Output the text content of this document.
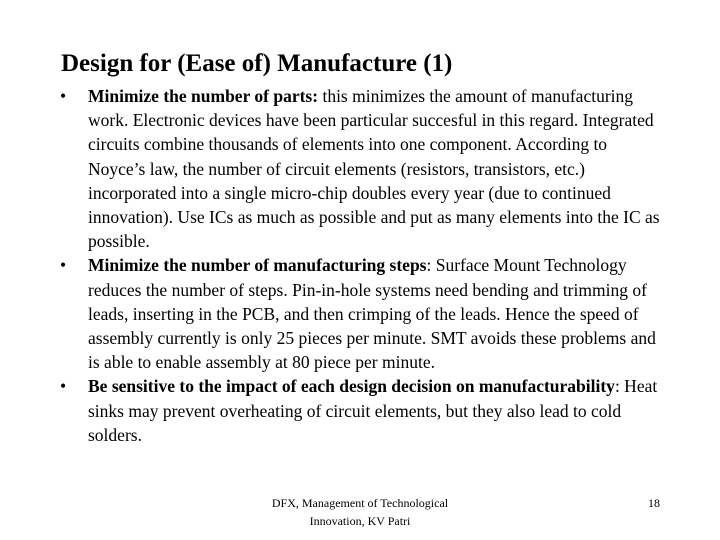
Design for (Ease of) Manufacture (1)
• Minimize the number of parts: this minimizes the amount of manufacturing work. Electronic devices have been particular succesful in this regard. Integrated circuits combine thousands of elements into one component. According to Noyce’s law, the number of circuit elements (resistors, transistors, etc.) incorporated into a single micro-chip doubles every year (due to continued innovation). Use ICs as much as possible and put as many elements into the IC as possible.
• Minimize the number of manufacturing steps: Surface Mount Technology reduces the number of steps. Pin-in-hole systems need bending and trimming of leads, inserting in the PCB, and then crimping of the leads. Hence the speed of assembly currently is only 25 pieces per minute. SMT avoids these problems and is able to enable assembly at 80 piece per minute.
• Be sensitive to the impact of each design decision on manufacturability: Heat sinks may prevent overheating of circuit elements, but they also lead to cold solders.
DFX, Management of Technological
Innovation, KV Patri
18
